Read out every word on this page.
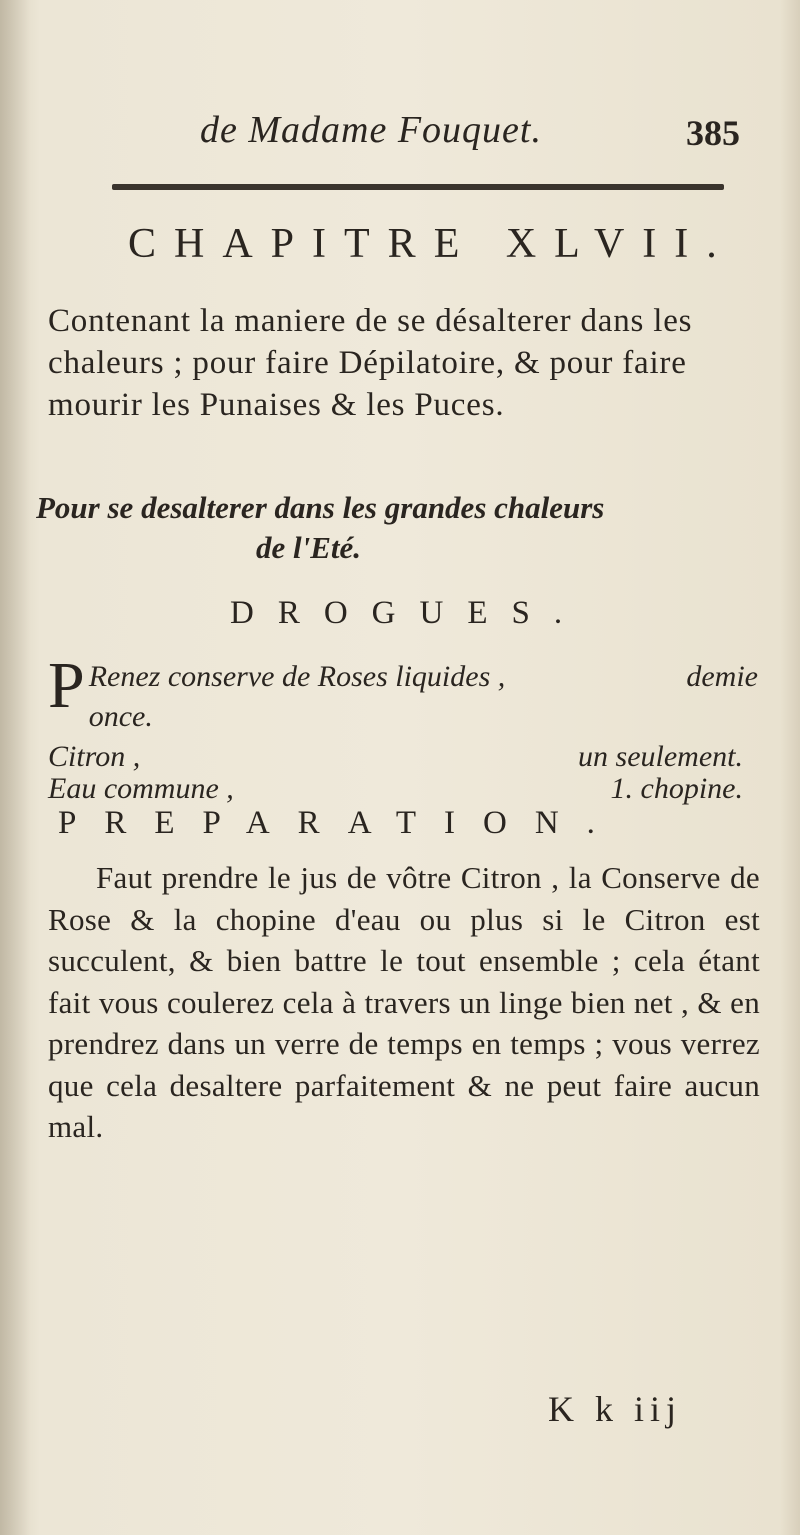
de Madame Fouquet.	385
CHAPITRE XLVII.
Contenant la maniere de se désalterer dans les chaleurs ; pour faire Dépilatoire, & pour faire mourir les Punaises & les Puces.
Pour se desalterer dans les grandes chaleurs
de l'Eté.
DROGUES.
P Renez conserve de Roses liquides ,	demie
once.
Citron ,	un seulement.
Eau commune ,	1. chopine.
PREPARATION.
Faut prendre le jus de vôtre Citron , la Conserve de Rose & la chopine d'eau ou plus si le Citron est succulent, & bien battre le tout ensemble ; cela étant fait vous coulerez cela à travers un linge bien net , & en prendrez dans un verre de temps en temps ; vous verrez que cela desaltere parfaitement & ne peut faire aucun mal.
K k iij
